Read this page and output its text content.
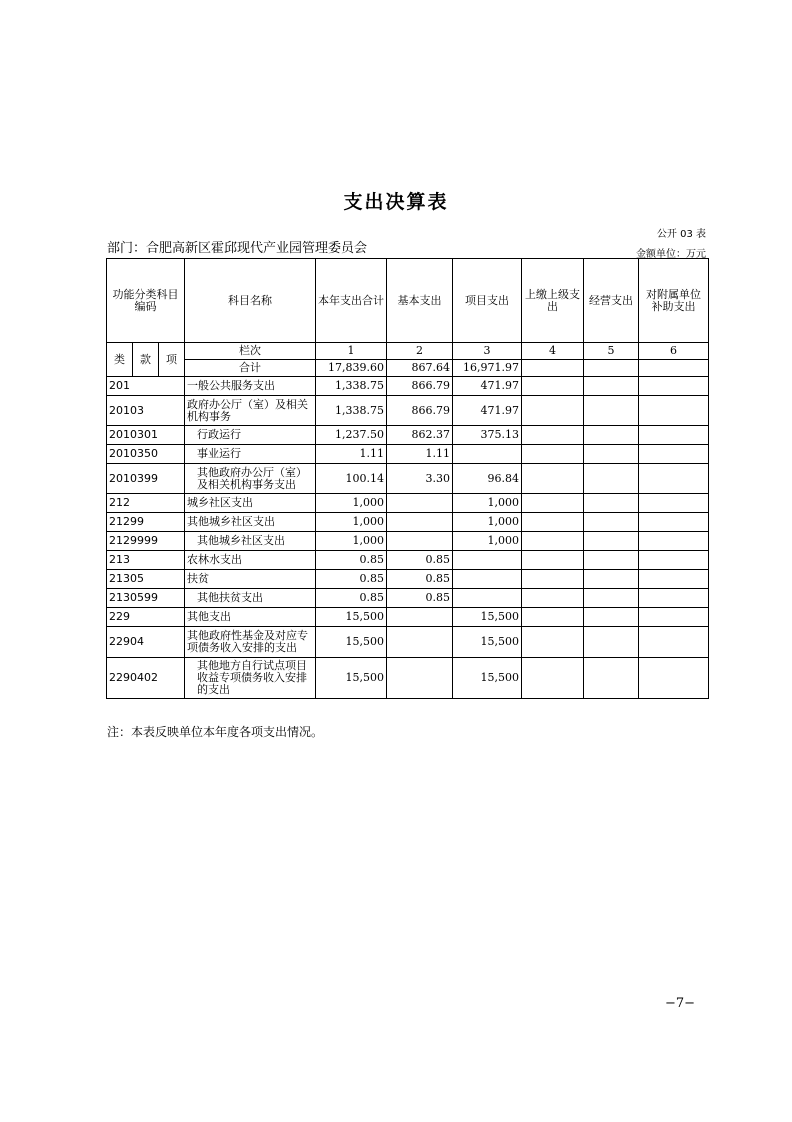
支出决算表
公开 03 表
部门：合肥高新区霍邱现代产业园管理委员会	金额单位：万元
功能分类科目编码			科目名称	本年支出合计	基本支出	项目支出	上缴上级支出	经营支出	对附属单位补助支出
类	款	项	栏次	1	2	3	4	5	6
			合计	17,839.60	867.64	16,971.97			
201			一般公共服务支出	1,338.75	866.79	471.97			
20103			政府办公厅（室）及相关机构事务	1,338.75	866.79	471.97			
2010301			行政运行	1,237.50	862.37	375.13			
2010350			事业运行	1.11	1.11				
2010399			其他政府办公厅（室）及相关机构事务支出	100.14	3.30	96.84			
212			城乡社区支出	1,000		1,000			
21299			其他城乡社区支出	1,000		1,000			
2129999			其他城乡社区支出	1,000		1,000			
213			农林水支出	0.85	0.85				
21305			扶贫	0.85	0.85				
2130599			其他扶贫支出	0.85	0.85				
229			其他支出	15,500		15,500			
22904			其他政府性基金及对应专项债务收入安排的支出	15,500		15,500			
2290402			其他地方自行试点项目收益专项债务收入安排的支出	15,500		15,500			
注：本表反映单位本年度各项支出情况。
−7−
